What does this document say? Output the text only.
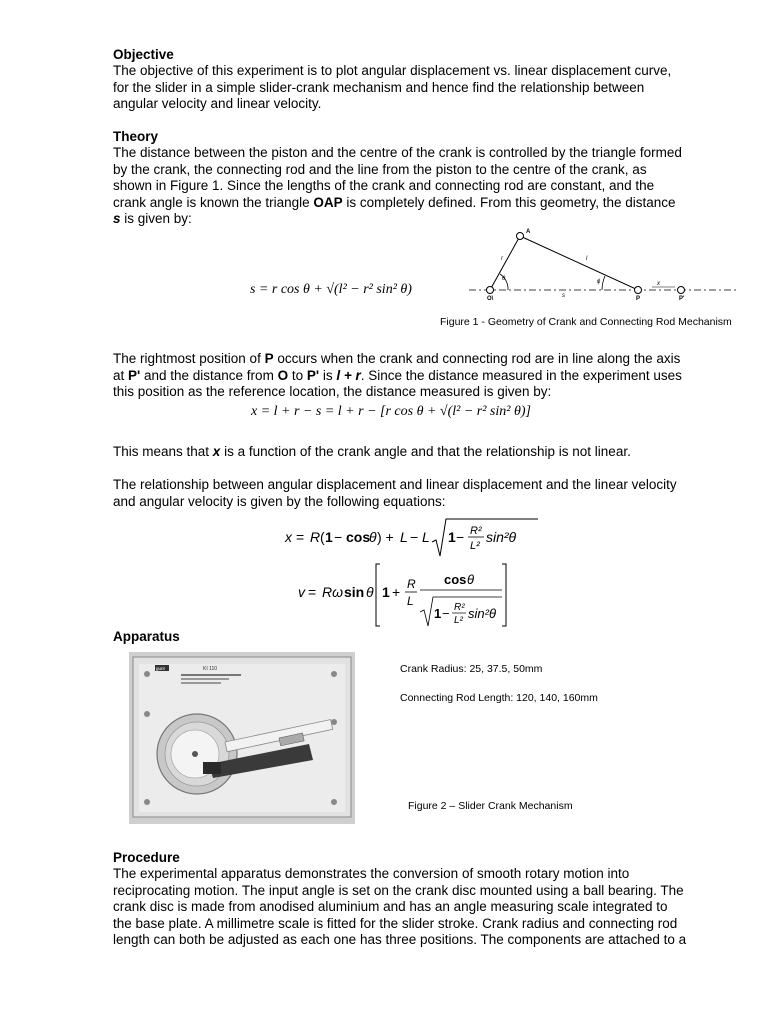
Objective
The objective of this experiment is to plot angular displacement vs. linear displacement curve,
for the slider in a simple slider-crank mechanism and hence find the relationship between
angular velocity and linear velocity.
Theory
The distance between the piston and the centre of the crank is controlled by the triangle formed
by the crank, the connecting rod and the line from the piston to the centre of the crank, as
shown in Figure 1. Since the lengths of the crank and connecting rod are constant, and the
crank angle is known the triangle OAP is completely defined. From this geometry, the distance
s is given by:
s = r cos θ + √(l² − r² sin² θ)
A
r	l
θ	ϕ
O\	s
x
P	P'
Figure 1 - Geometry of Crank and Connecting Rod Mechanism
The rightmost position of P occurs when the crank and connecting rod are in line along the axis
at P' and the distance from O to P' is l + r. Since the distance measured in the experiment uses
this position as the reference location, the distance measured is given by:
x = l + r − s = l + r − [r cos θ + √(l² − r² sin² θ)]
This means that x is a function of the crank angle and that the relationship is not linear.
The relationship between angular displacement and linear displacement and the linear velocity
and angular velocity is given by the following equations:
x = R ( 1 − cos
θ ) + L − L 1 − R²
L²
sin²θ
v = Rω sin θ 1 + R
L
cos θ
1 − R²
L² sin²θ
Apparatus
gunt	KI 110	Crank Radius: 25, 37.5, 50mm
Connecting Rod Length: 120, 140, 160mm
Figure 2 – Slider Crank Mechanism
Procedure
The experimental apparatus demonstrates the conversion of smooth rotary motion into
reciprocating motion. The input angle is set on the crank disc mounted using a ball bearing. The
crank disc is made from anodised aluminium and has an angle measuring scale integrated to
the base plate. A millimetre scale is fitted for the slider stroke. Crank radius and connecting rod
length can both be adjusted as each one has three positions. The components are attached to a
